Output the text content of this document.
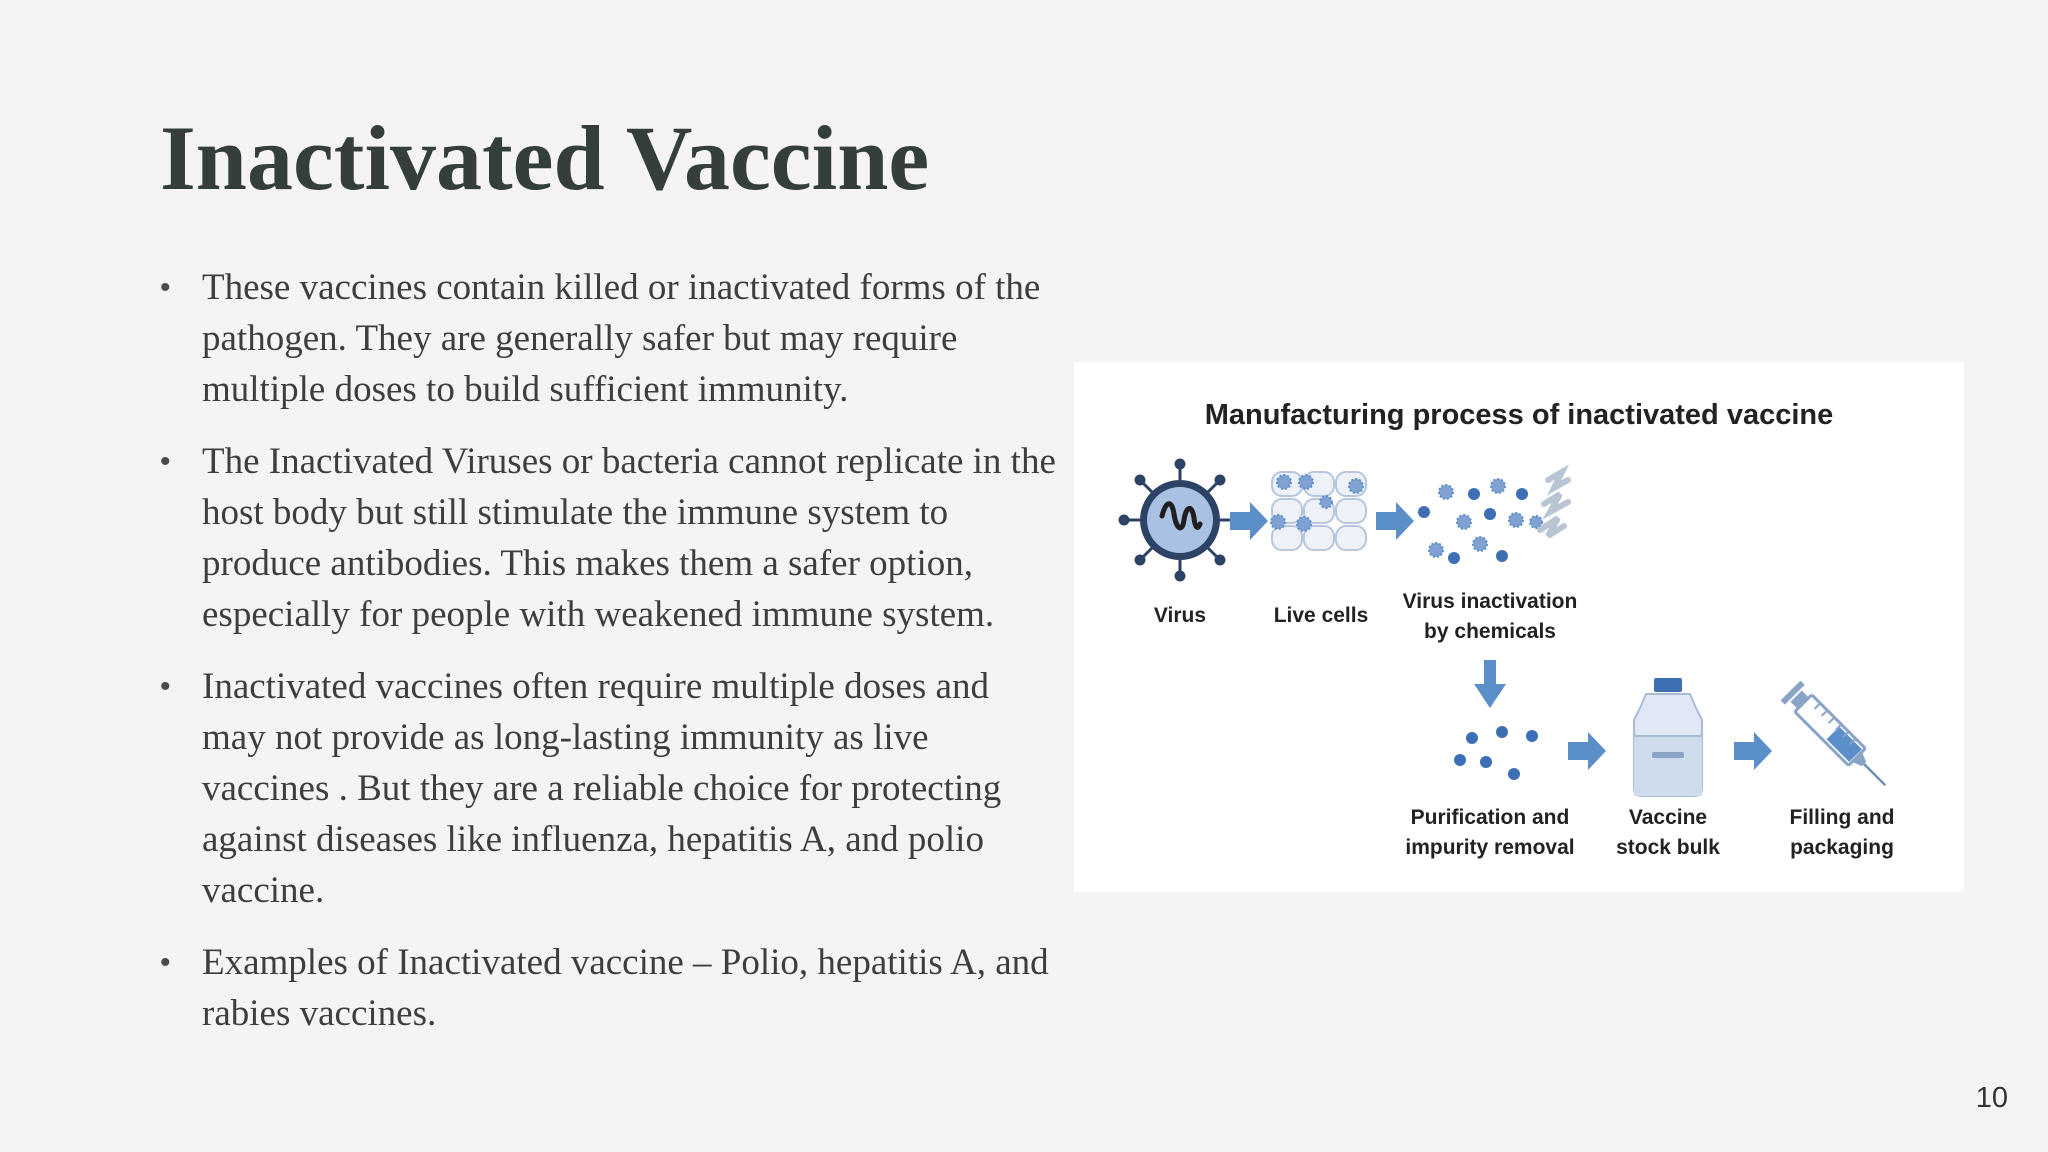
Inactivated Vaccine
• These vaccines contain killed or inactivated forms of the pathogen. They are generally safer but may require multiple doses to build sufficient immunity.
• The Inactivated Viruses or bacteria cannot replicate in the host body but still stimulate the immune system to produce antibodies. This makes them a safer option, especially for people with weakened immune system.
• Inactivated vaccines often require multiple doses and may not provide as long-lasting immunity as live vaccines . But they are a reliable choice for protecting against diseases like influenza, hepatitis A, and polio vaccine.
• Examples of Inactivated vaccine – Polio, hepatitis A, and rabies vaccines.
Manufacturing process of inactivated vaccine
Virus	Live cells
Virus inactivation
by chemicals
Purification and
impurity removal
Vaccine
stock bulk
Filling and
packaging
10
